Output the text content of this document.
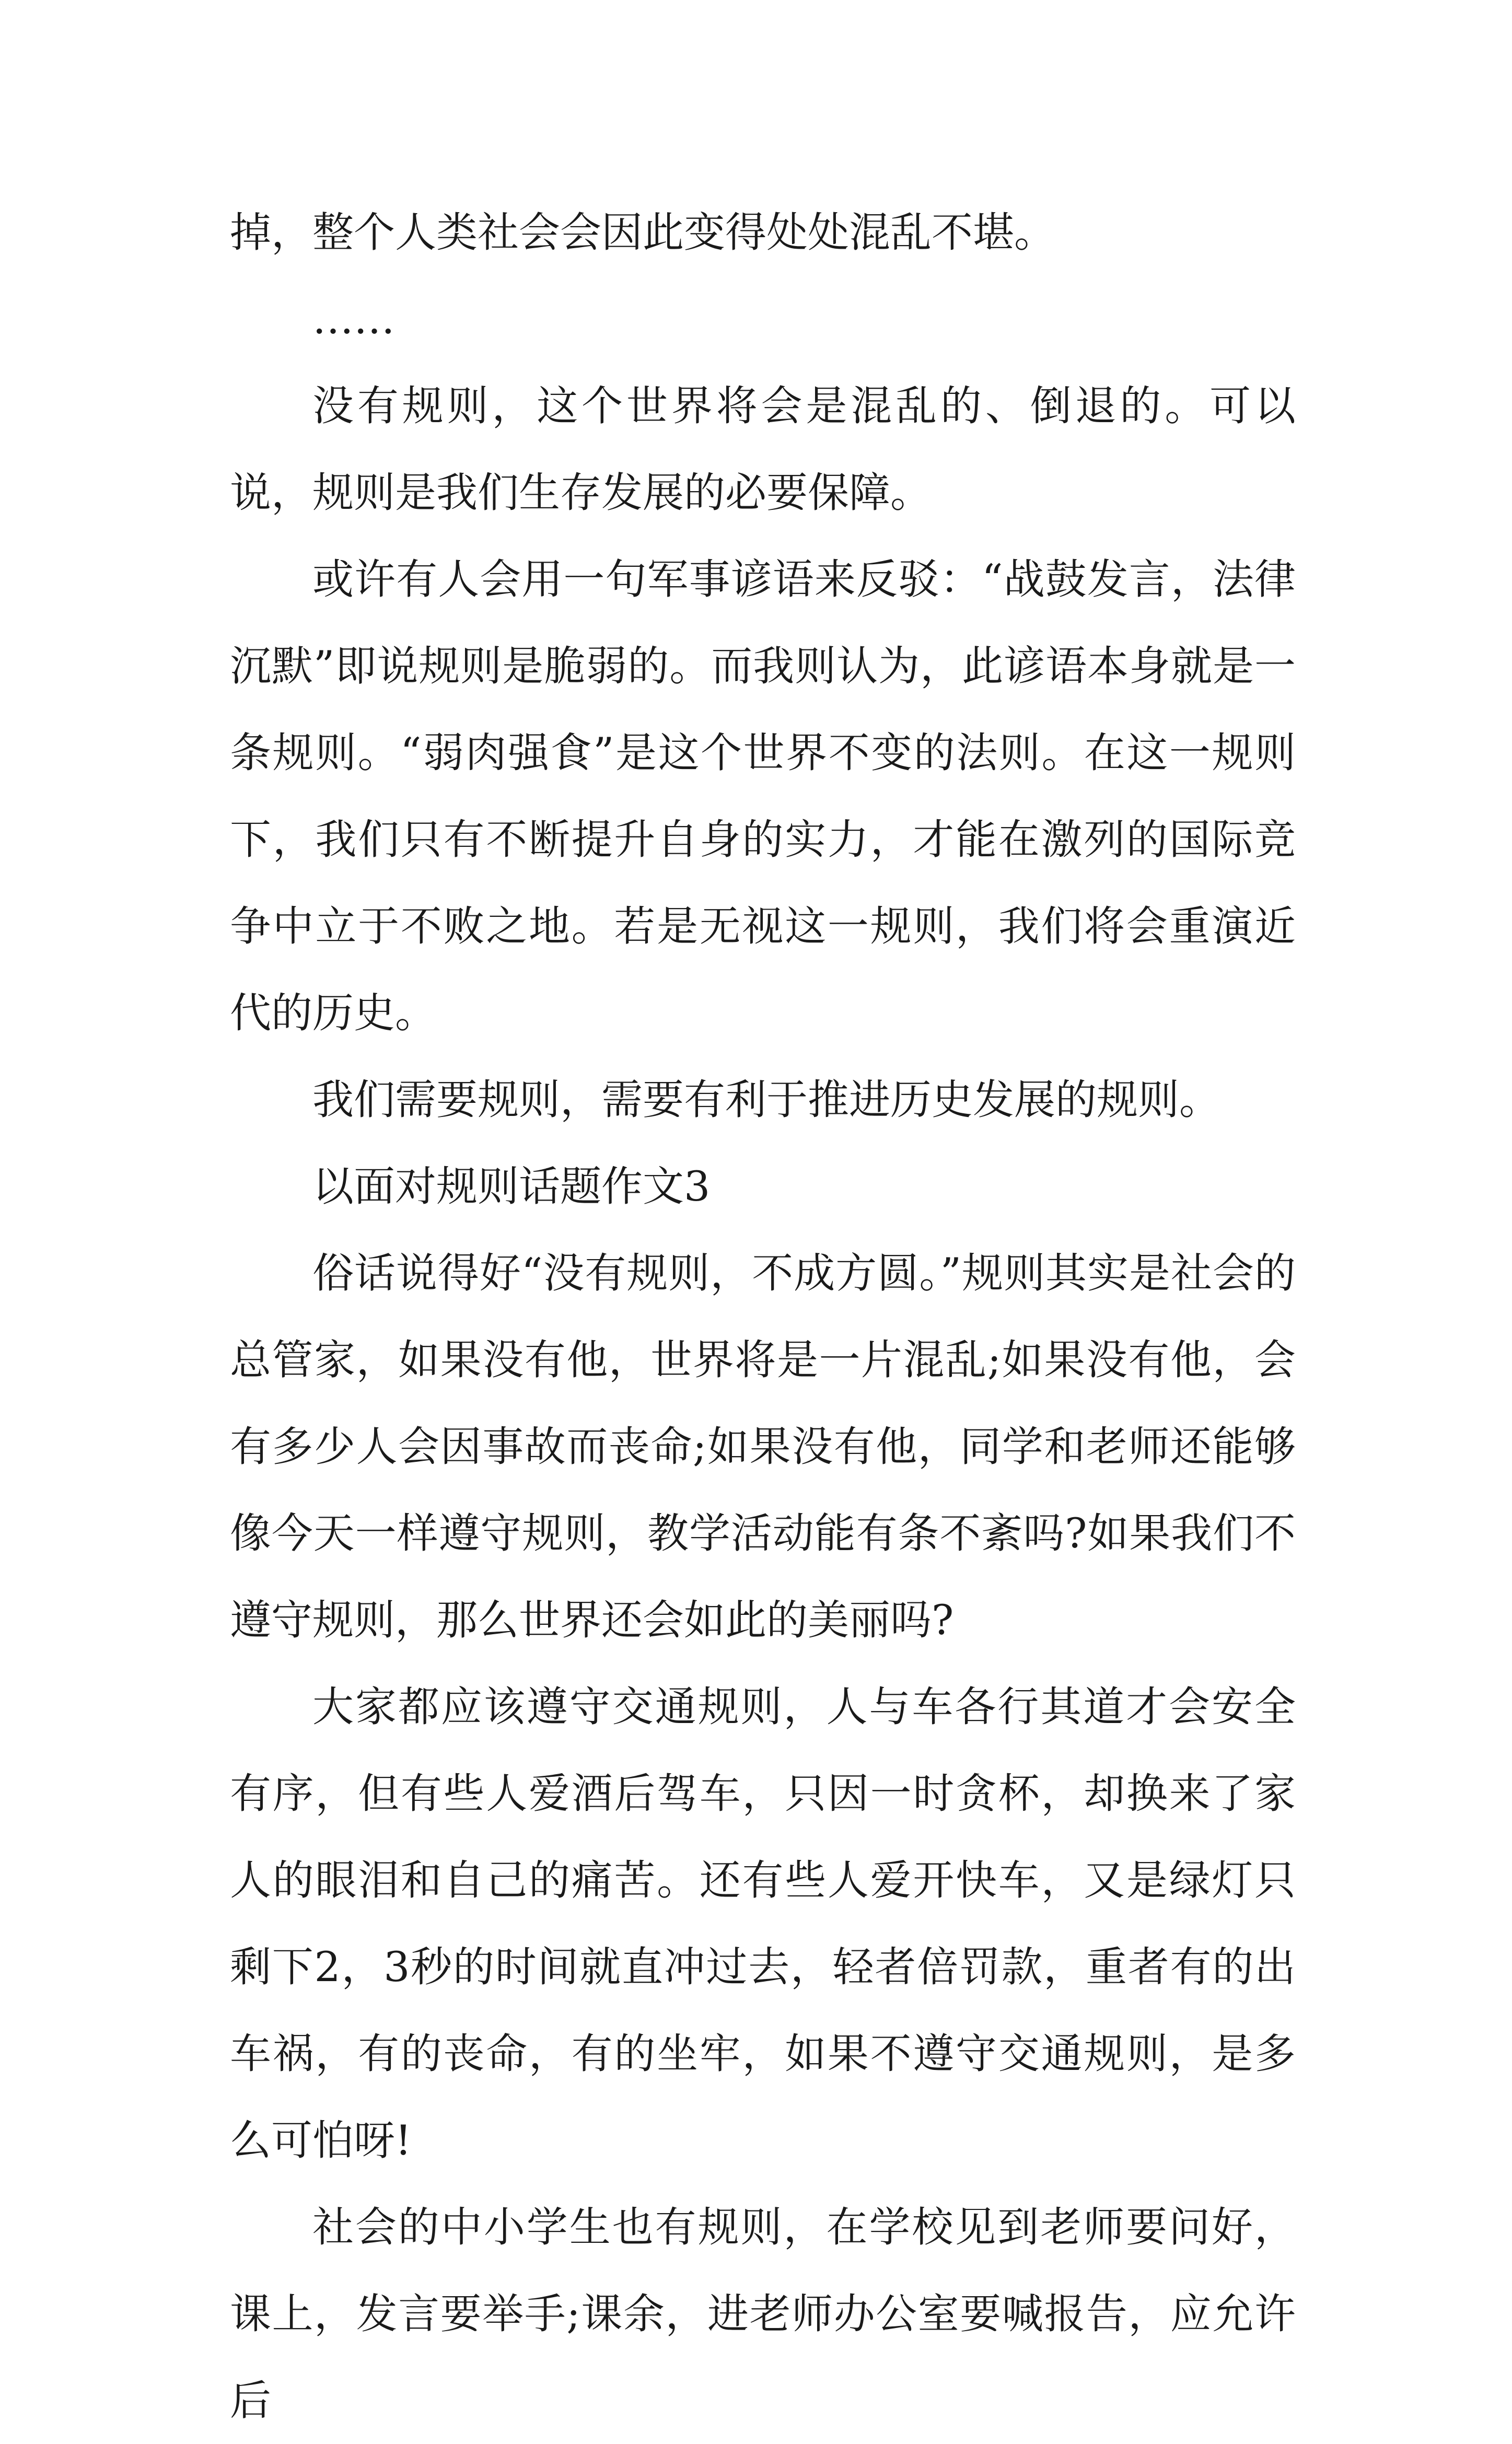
掉，整个人类社会会因此变得处处混乱不堪。

……

没有规则，这个世界将会是混乱的、倒退的。可以说，规则是我们生存发展的必要保障。

或许有人会用一句军事谚语来反驳：“战鼓发言，法律沉默”即说规则是脆弱的。而我则认为，此谚语本身就是一条规则。“弱肉强食”是这个世界不变的法则。在这一规则下，我们只有不断提升自身的实力，才能在激列的国际竞争中立于不败之地。若是无视这一规则，我们将会重演近代的历史。

我们需要规则，需要有利于推进历史发展的规则。

以面对规则话题作文3

俗话说得好“没有规则，不成方圆。”规则其实是社会的总管家，如果没有他，世界将是一片混乱;如果没有他，会有多少人会因事故而丧命;如果没有他，同学和老师还能够像今天一样遵守规则，教学活动能有条不紊吗?如果我们不遵守规则，那么世界还会如此的美丽吗?

大家都应该遵守交通规则，人与车各行其道才会安全有序，但有些人爱酒后驾车，只因一时贪杯，却换来了家人的眼泪和自己的痛苦。还有些人爱开快车，又是绿灯只剩下2，3秒的时间就直冲过去，轻者倍罚款，重者有的出车祸，有的丧命，有的坐牢，如果不遵守交通规则，是多么可怕呀!

社会的中小学生也有规则，在学校见到老师要问好，课上，发言要举手;课余，进老师办公室要喊报告，应允许后
